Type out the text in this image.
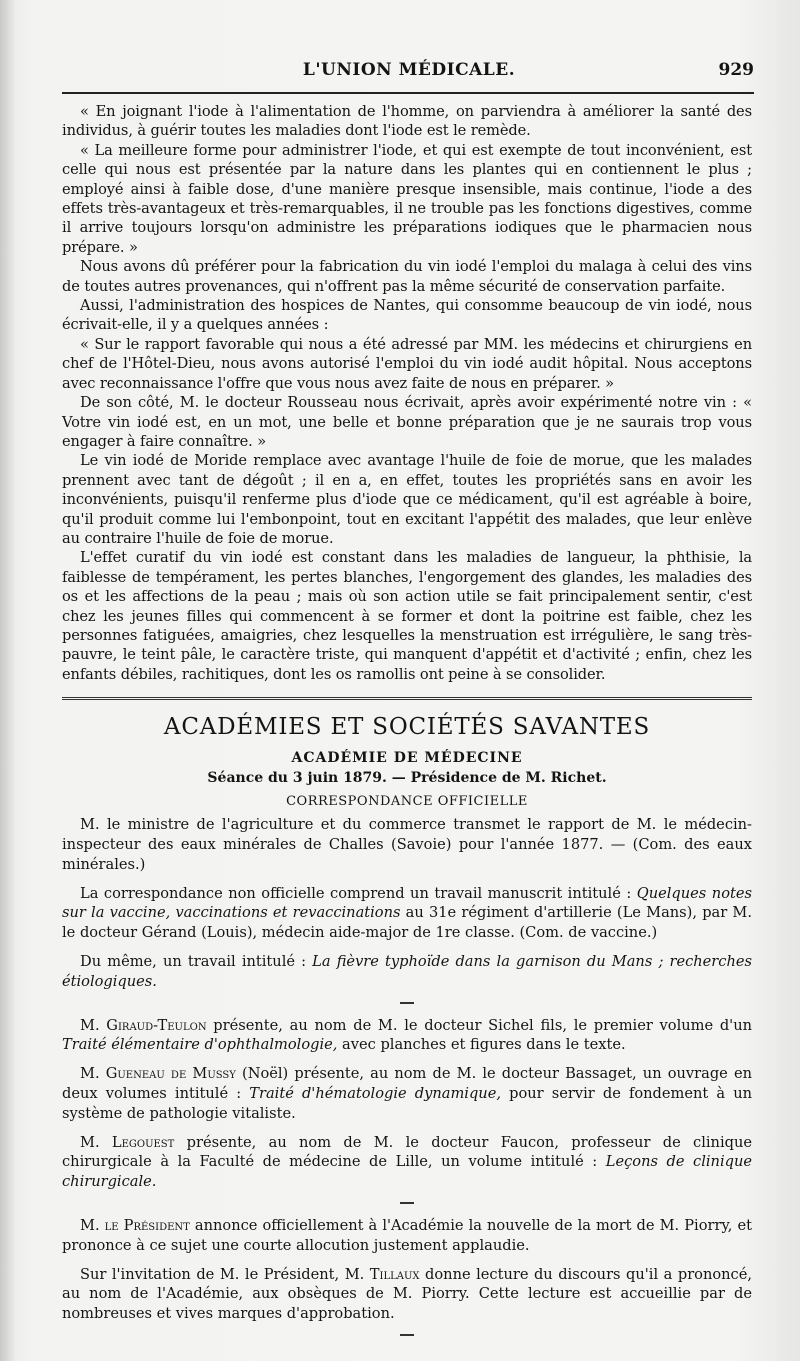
L'UNION MÉDICALE.	929

« En joignant l'iode à l'alimentation de l'homme, on parviendra à améliorer la santé des individus, à guérir toutes les maladies dont l'iode est le remède.

« La meilleure forme pour administrer l'iode, et qui est exempte de tout inconvénient, est celle qui nous est présentée par la nature dans les plantes qui en contiennent le plus ; employé ainsi à faible dose, d'une manière presque insensible, mais continue, l'iode a des effets très-avantageux et très-remarquables, il ne trouble pas les fonctions digestives, comme il arrive toujours lorsqu'on administre les préparations iodiques que le pharmacien nous prépare. »

Nous avons dû préférer pour la fabrication du vin iodé l'emploi du malaga à celui des vins de toutes autres provenances, qui n'offrent pas la même sécurité de conservation parfaite.

Aussi, l'administration des hospices de Nantes, qui consomme beaucoup de vin iodé, nous écrivait-elle, il y a quelques années :

« Sur le rapport favorable qui nous a été adressé par MM. les médecins et chirurgiens en chef de l'Hôtel-Dieu, nous avons autorisé l'emploi du vin iodé audit hôpital. Nous acceptons avec reconnaissance l'offre que vous nous avez faite de nous en préparer. »

De son côté, M. le docteur Rousseau nous écrivait, après avoir expérimenté notre vin : « Votre vin iodé est, en un mot, une belle et bonne préparation que je ne saurais trop vous engager à faire connaître. »

Le vin iodé de Moride remplace avec avantage l'huile de foie de morue, que les malades prennent avec tant de dégoût ; il en a, en effet, toutes les propriétés sans en avoir les inconvénients, puisqu'il renferme plus d'iode que ce médicament, qu'il est agréable à boire, qu'il produit comme lui l'embonpoint, tout en excitant l'appétit des malades, que leur enlève au contraire l'huile de foie de morue.

L'effet curatif du vin iodé est constant dans les maladies de langueur, la phthisie, la faiblesse de tempérament, les pertes blanches, l'engorgement des glandes, les maladies des os et les affections de la peau ; mais où son action utile se fait principalement sentir, c'est chez les jeunes filles qui commencent à se former et dont la poitrine est faible, chez les personnes fatiguées, amaigries, chez lesquelles la menstruation est irrégulière, le sang très-pauvre, le teint pâle, le caractère triste, qui manquent d'appétit et d'activité ; enfin, chez les enfants débiles, rachitiques, dont les os ramollis ont peine à se consolider.

ACADÉMIES ET SOCIÉTÉS SAVANTES
ACADÉMIE DE MÉDECINE
Séance du 3 juin 1879. — Présidence de M. Richet.
CORRESPONDANCE OFFICIELLE

M. le ministre de l'agriculture et du commerce transmet le rapport de M. le médecin-inspecteur des eaux minérales de Challes (Savoie) pour l'année 1877. — (Com. des eaux minérales.)

La correspondance non officielle comprend un travail manuscrit intitulé : Quelques notes sur la vaccine, vaccinations et revaccinations au 31e régiment d'artillerie (Le Mans), par M. le docteur Gérand (Louis), médecin aide-major de 1re classe. (Com. de vaccine.)

Du même, un travail intitulé : La fièvre typhoïde dans la garnison du Mans ; recherches étiologiques.

M. Giraud-Teulon présente, au nom de M. le docteur Sichel fils, le premier volume d'un Traité élémentaire d'ophthalmologie, avec planches et figures dans le texte.

M. Gueneau de Mussy (Noël) présente, au nom de M. le docteur Bassaget, un ouvrage en deux volumes intitulé : Traité d'hématologie dynamique, pour servir de fondement à un système de pathologie vitaliste.

M. Legouest présente, au nom de M. le docteur Faucon, professeur de clinique chirurgicale à la Faculté de médecine de Lille, un volume intitulé : Leçons de clinique chirurgicale.

M. le Président annonce officiellement à l'Académie la nouvelle de la mort de M. Piorry, et prononce à ce sujet une courte allocution justement applaudie.

Sur l'invitation de M. le Président, M. Tillaux donne lecture du discours qu'il a prononcé, au nom de l'Académie, aux obsèques de M. Piorry. Cette lecture est accueillie par de nombreuses et vives marques d'approbation.
